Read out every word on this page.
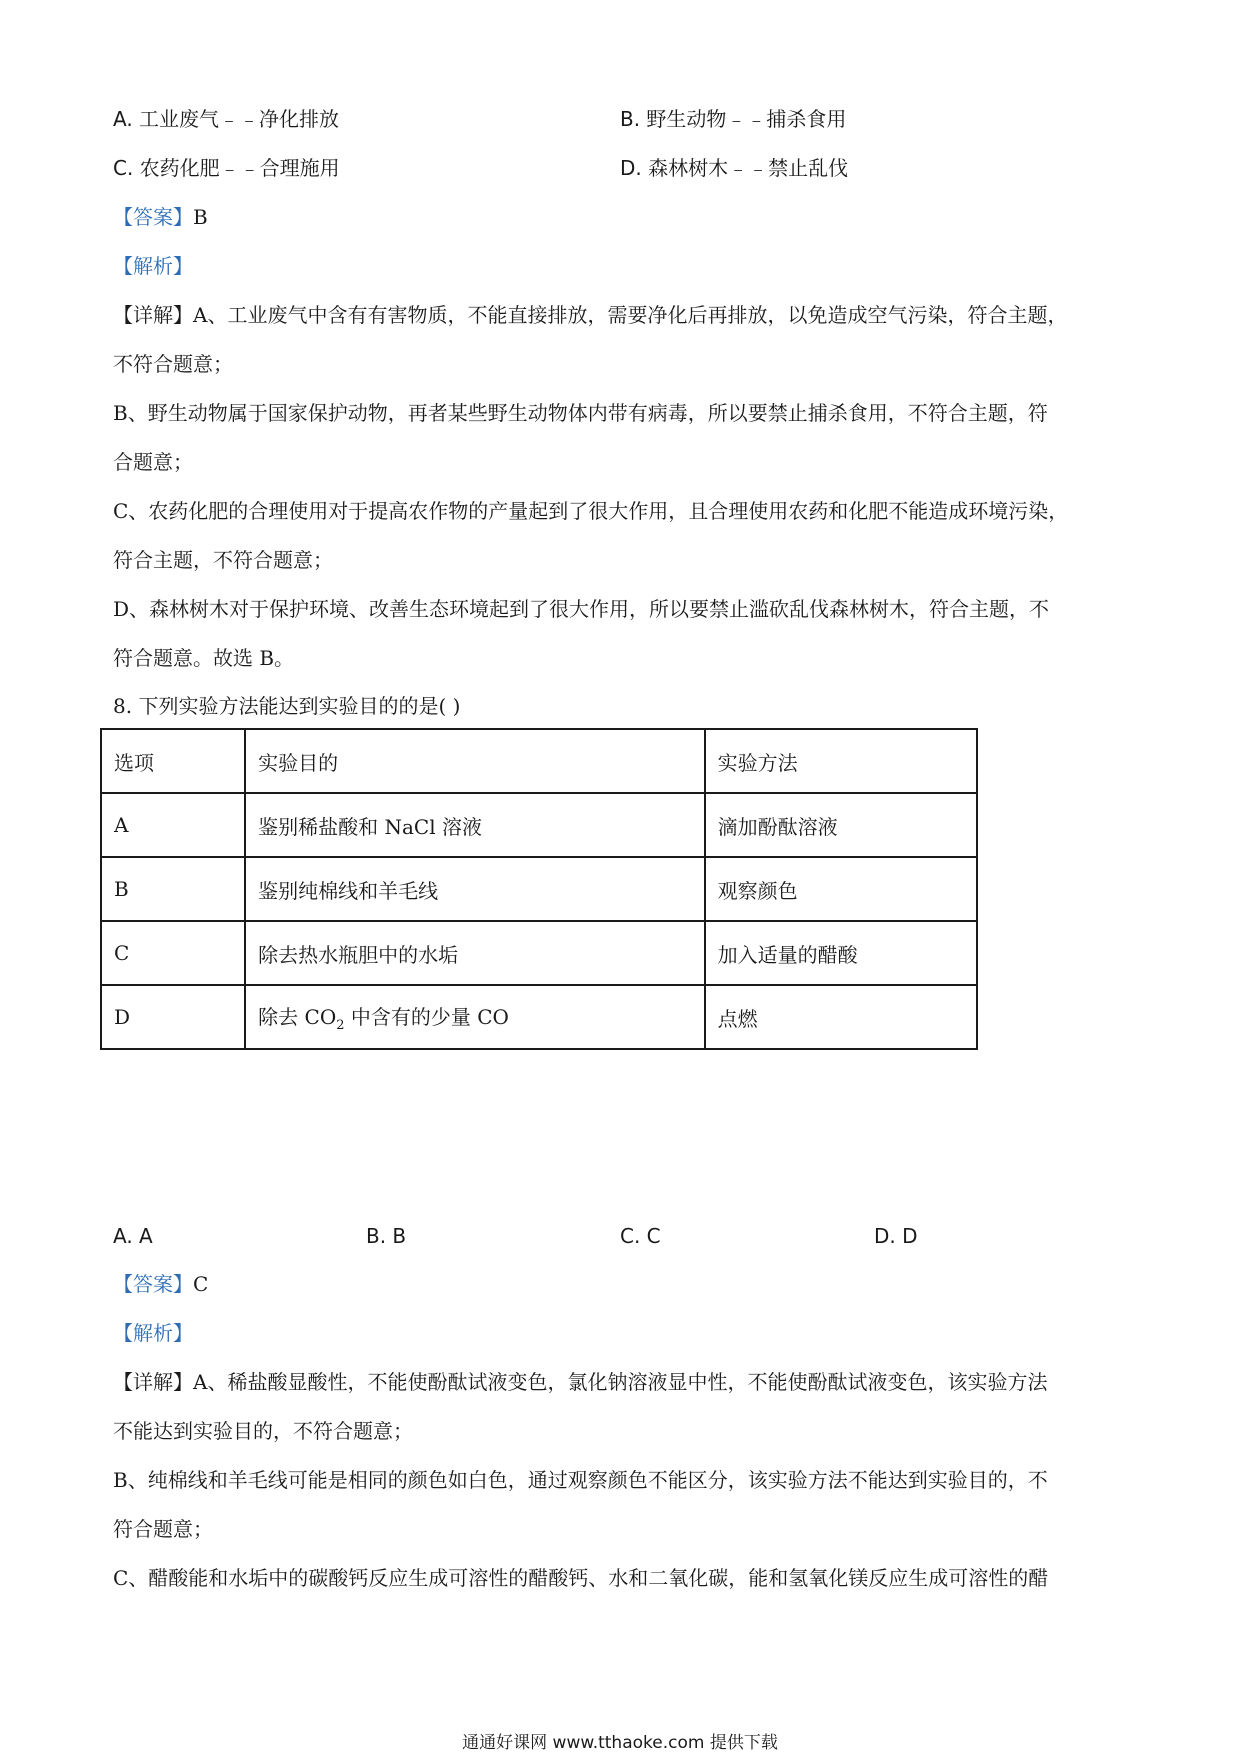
A. 工业废气﹣﹣净化排放	B. 野生动物﹣﹣捕杀食用
C. 农药化肥﹣﹣合理施用	D. 森林树木﹣﹣禁止乱伐
【答案】B
【解析】
【详解】A、工业废气中含有有害物质，不能直接排放，需要净化后再排放，以免造成空气污染，符合主题，
不符合题意；
B、野生动物属于国家保护动物，再者某些野生动物体内带有病毒，所以要禁止捕杀食用，不符合主题，符
合题意；
C、农药化肥的合理使用对于提高农作物的产量起到了很大作用，且合理使用农药和化肥不能造成环境污染，
符合主题，不符合题意；
D、森林树木对于保护环境、改善生态环境起到了很大作用，所以要禁止滥砍乱伐森林树木，符合主题，不
符合题意。故选 B。
8. 下列实验方法能达到实验目的的是( )
选项	实验目的	实验方法
A	鉴别稀盐酸和 NaCl 溶液	滴加酚酞溶液
B	鉴别纯棉线和羊毛线	观察颜色
C	除去热水瓶胆中的水垢	加入适量的醋酸
D	除去 $CO_2$ 中含有的少量 CO	点燃
A. A	B. B	C. C	D. D
【答案】C
【解析】
【详解】A、稀盐酸显酸性，不能使酚酞试液变色，氯化钠溶液显中性，不能使酚酞试液变色，该实验方法
不能达到实验目的，不符合题意；
B、纯棉线和羊毛线可能是相同的颜色如白色，通过观察颜色不能区分，该实验方法不能达到实验目的，不
符合题意；
C、醋酸能和水垢中的碳酸钙反应生成可溶性的醋酸钙、水和二氧化碳，能和氢氧化镁反应生成可溶性的醋
通通好课网 www.tthaoke.com 提供下载
